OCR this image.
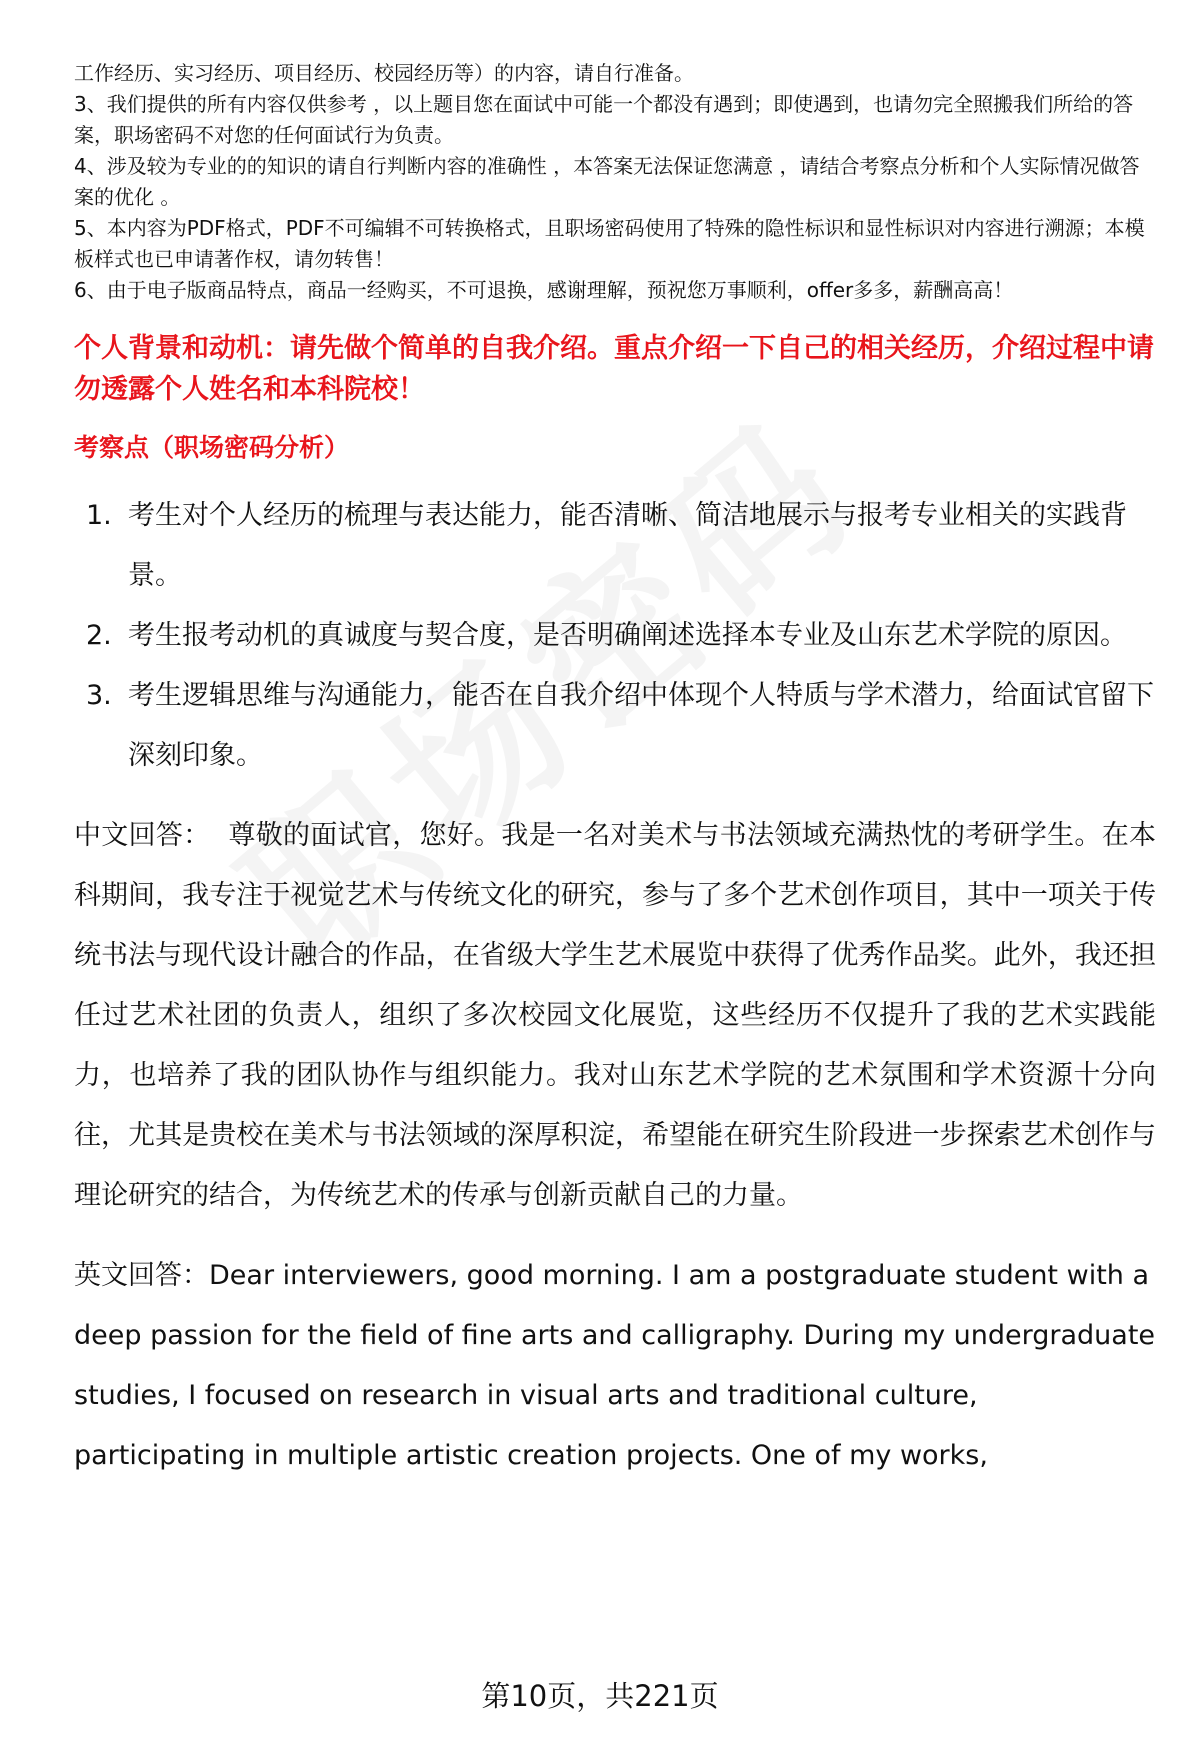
工作经历、实习经历、项目经历、校园经历等）的内容，请自行准备。

3、我们提供的所有内容仅供参考 ，以上题目您在面试中可能一个都没有遇到；即使遇到，也请勿完全照搬我们所给的答案，职场密码不对您的任何面试行为负责。

4、涉及较为专业的的知识的请自行判断内容的准确性 ，本答案无法保证您满意 ，请结合考察点分析和个人实际情况做答案的优化 。

5、本内容为PDF格式，PDF不可编辑不可转换格式，且职场密码使用了特殊的隐性标识和显性标识对内容进行溯源；本模板样式也已申请著作权，请勿转售！

6、由于电子版商品特点，商品一经购买，不可退换，感谢理解，预祝您万事顺利，offer多多，薪酬高高！

个人背景和动机：请先做个简单的自我介绍。重点介绍一下自己的相关经历，介绍过程中请勿透露个人姓名和本科院校！
考察点（职场密码分析）
1. 考生对个人经历的梳理与表达能力，能否清晰、简洁地展示与报考专业相关的实践背景。
2. 考生报考动机的真诚度与契合度，是否明确阐述选择本专业及山东艺术学院的原因。
3. 考生逻辑思维与沟通能力，能否在自我介绍中体现个人特质与学术潜力，给面试官留下深刻印象。
中文回答： 尊敬的面试官，您好。我是一名对美术与书法领域充满热忱的考研学生。在本科期间，我专注于视觉艺术与传统文化的研究，参与了多个艺术创作项目，其中一项关于传统书法与现代设计融合的作品，在省级大学生艺术展览中获得了优秀作品奖。此外，我还担任过艺术社团的负责人，组织了多次校园文化展览，这些经历不仅提升了我的艺术实践能力，也培养了我的团队协作与组织能力。我对山东艺术学院的艺术氛围和学术资源十分向往，尤其是贵校在美术与书法领域的深厚积淀，希望能在研究生阶段进一步探索艺术创作与理论研究的结合，为传统艺术的传承与创新贡献自己的力量。
英文回答：Dear interviewers, good morning. I am a postgraduate student with a deep passion for the field of fine arts and calligraphy. During my undergraduate studies, I focused on research in visual arts and traditional culture, participating in multiple artistic creation projects. One of my works,
第10页，共221页
